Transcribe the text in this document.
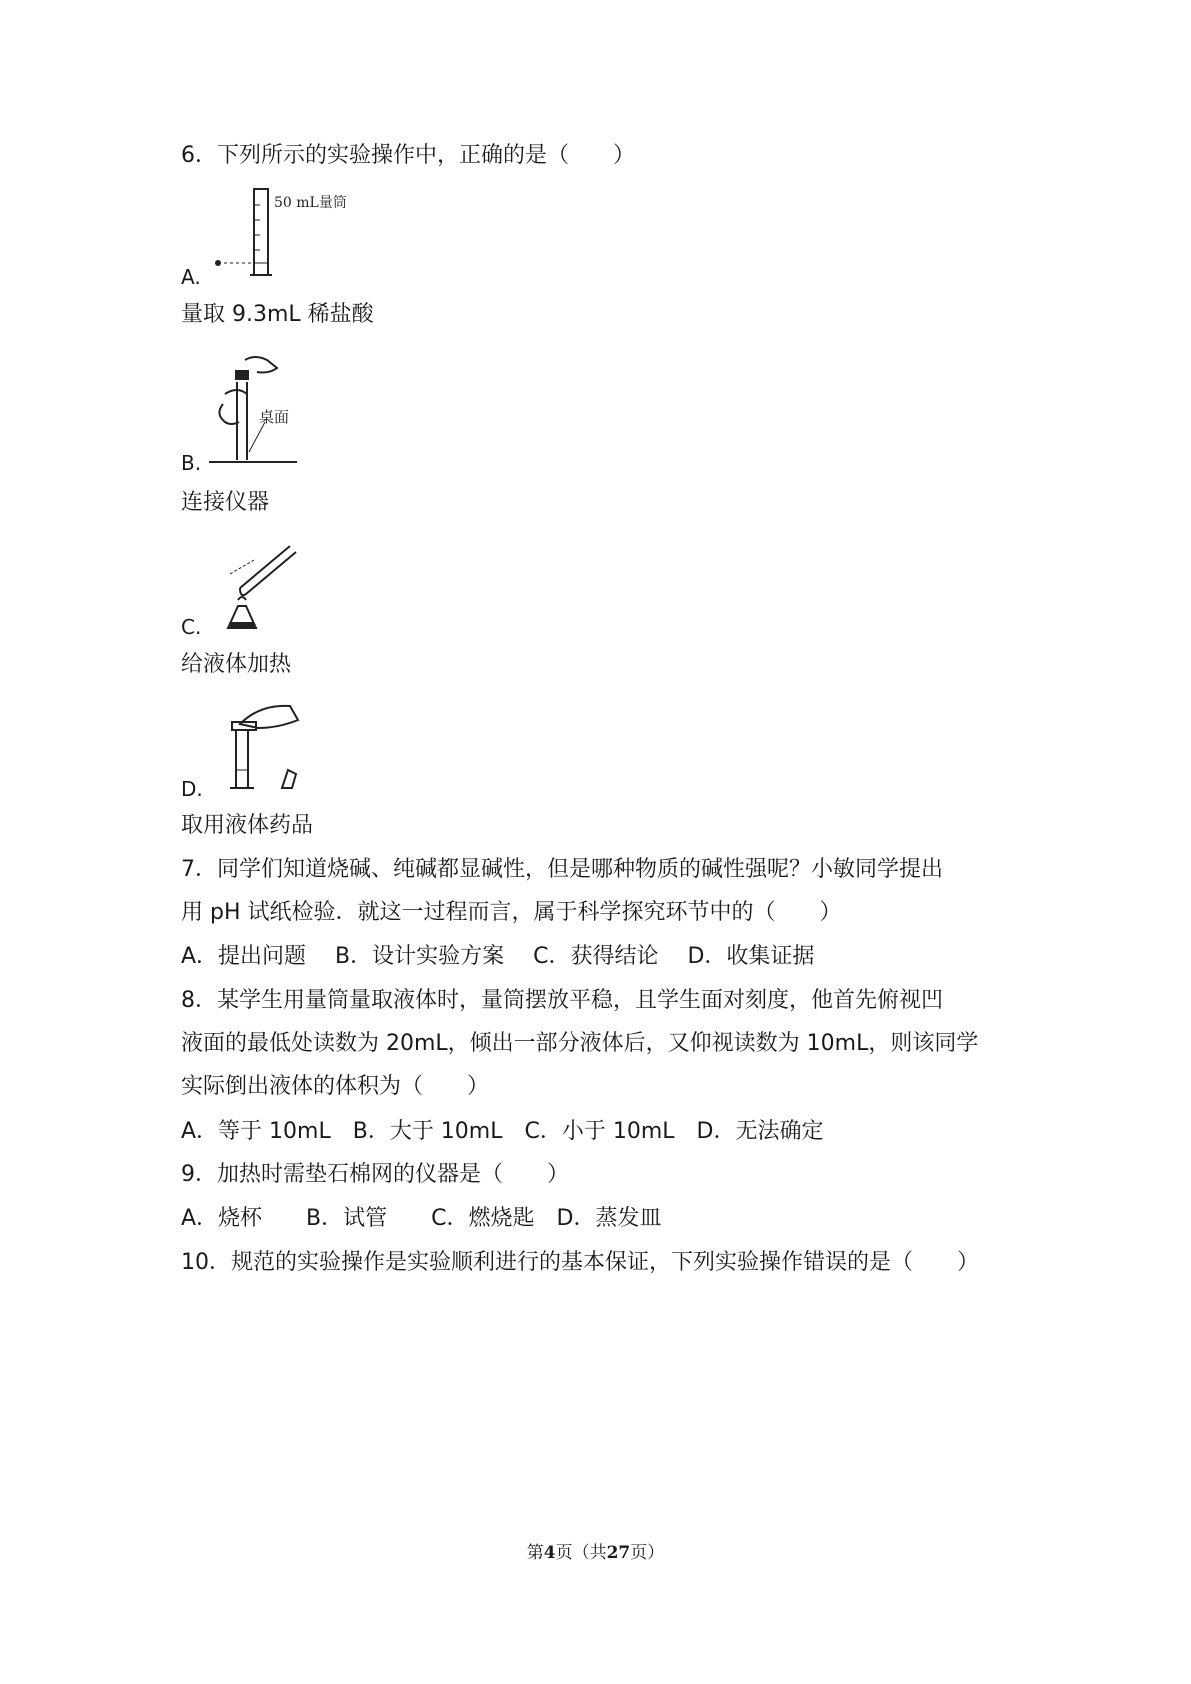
6．下列所示的实验操作中，正确的是（　　）
50 mL量筒
A.
量取 9.3mL 稀盐酸
桌面
B.
连接仪器
C.
给液体加热
D.
取用液体药品
7．同学们知道烧碱、纯碱都显碱性，但是哪种物质的碱性强呢？小敏同学提出
用 pH 试纸检验．就这一过程而言，属于科学探究环节中的（　　）
A．提出问题　 B．设计实验方案　 C．获得结论　 D．收集证据
8．某学生用量筒量取液体时，量筒摆放平稳，且学生面对刻度，他首先俯视凹
液面的最低处读数为 20mL，倾出一部分液体后，又仰视读数为 10mL，则该同学
实际倒出液体的体积为（　　）
A．等于 10mL　B．大于 10mL　C．小于 10mL　D．无法确定
9．加热时需垫石棉网的仪器是（　　）
A．烧杯　　B．试管　　C．燃烧匙　D．蒸发皿
10．规范的实验操作是实验顺利进行的基本保证，下列实验操作错误的是（　　）
第4页（共27页）
